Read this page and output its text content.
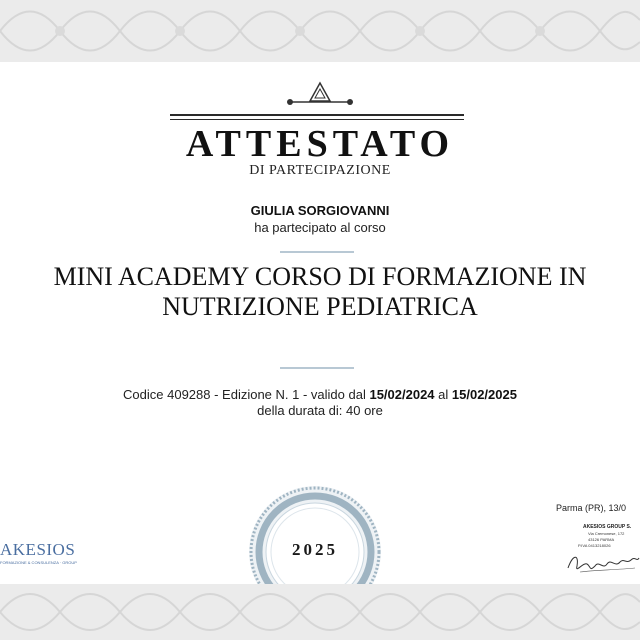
ATTESTATO
DI PARTECIPAZIONE
GIULIA SORGIOVANNI
ha partecipato al corso
MINI ACADEMY CORSO DI FORMAZIONE IN
NUTRIZIONE PEDIATRICA
Codice 409288 - Edizione N. 1 - valido dal 15/02/2024 al 15/02/2025
della durata di: 40 ore
2025
AKESIOS
FORMAZIONE & CONSULENZA · GROUP
Parma (PR), 13/0
AKESIOS GROUP S.
Via Cremonese, 172
43126 PARMA
P.IVA 0413218026
